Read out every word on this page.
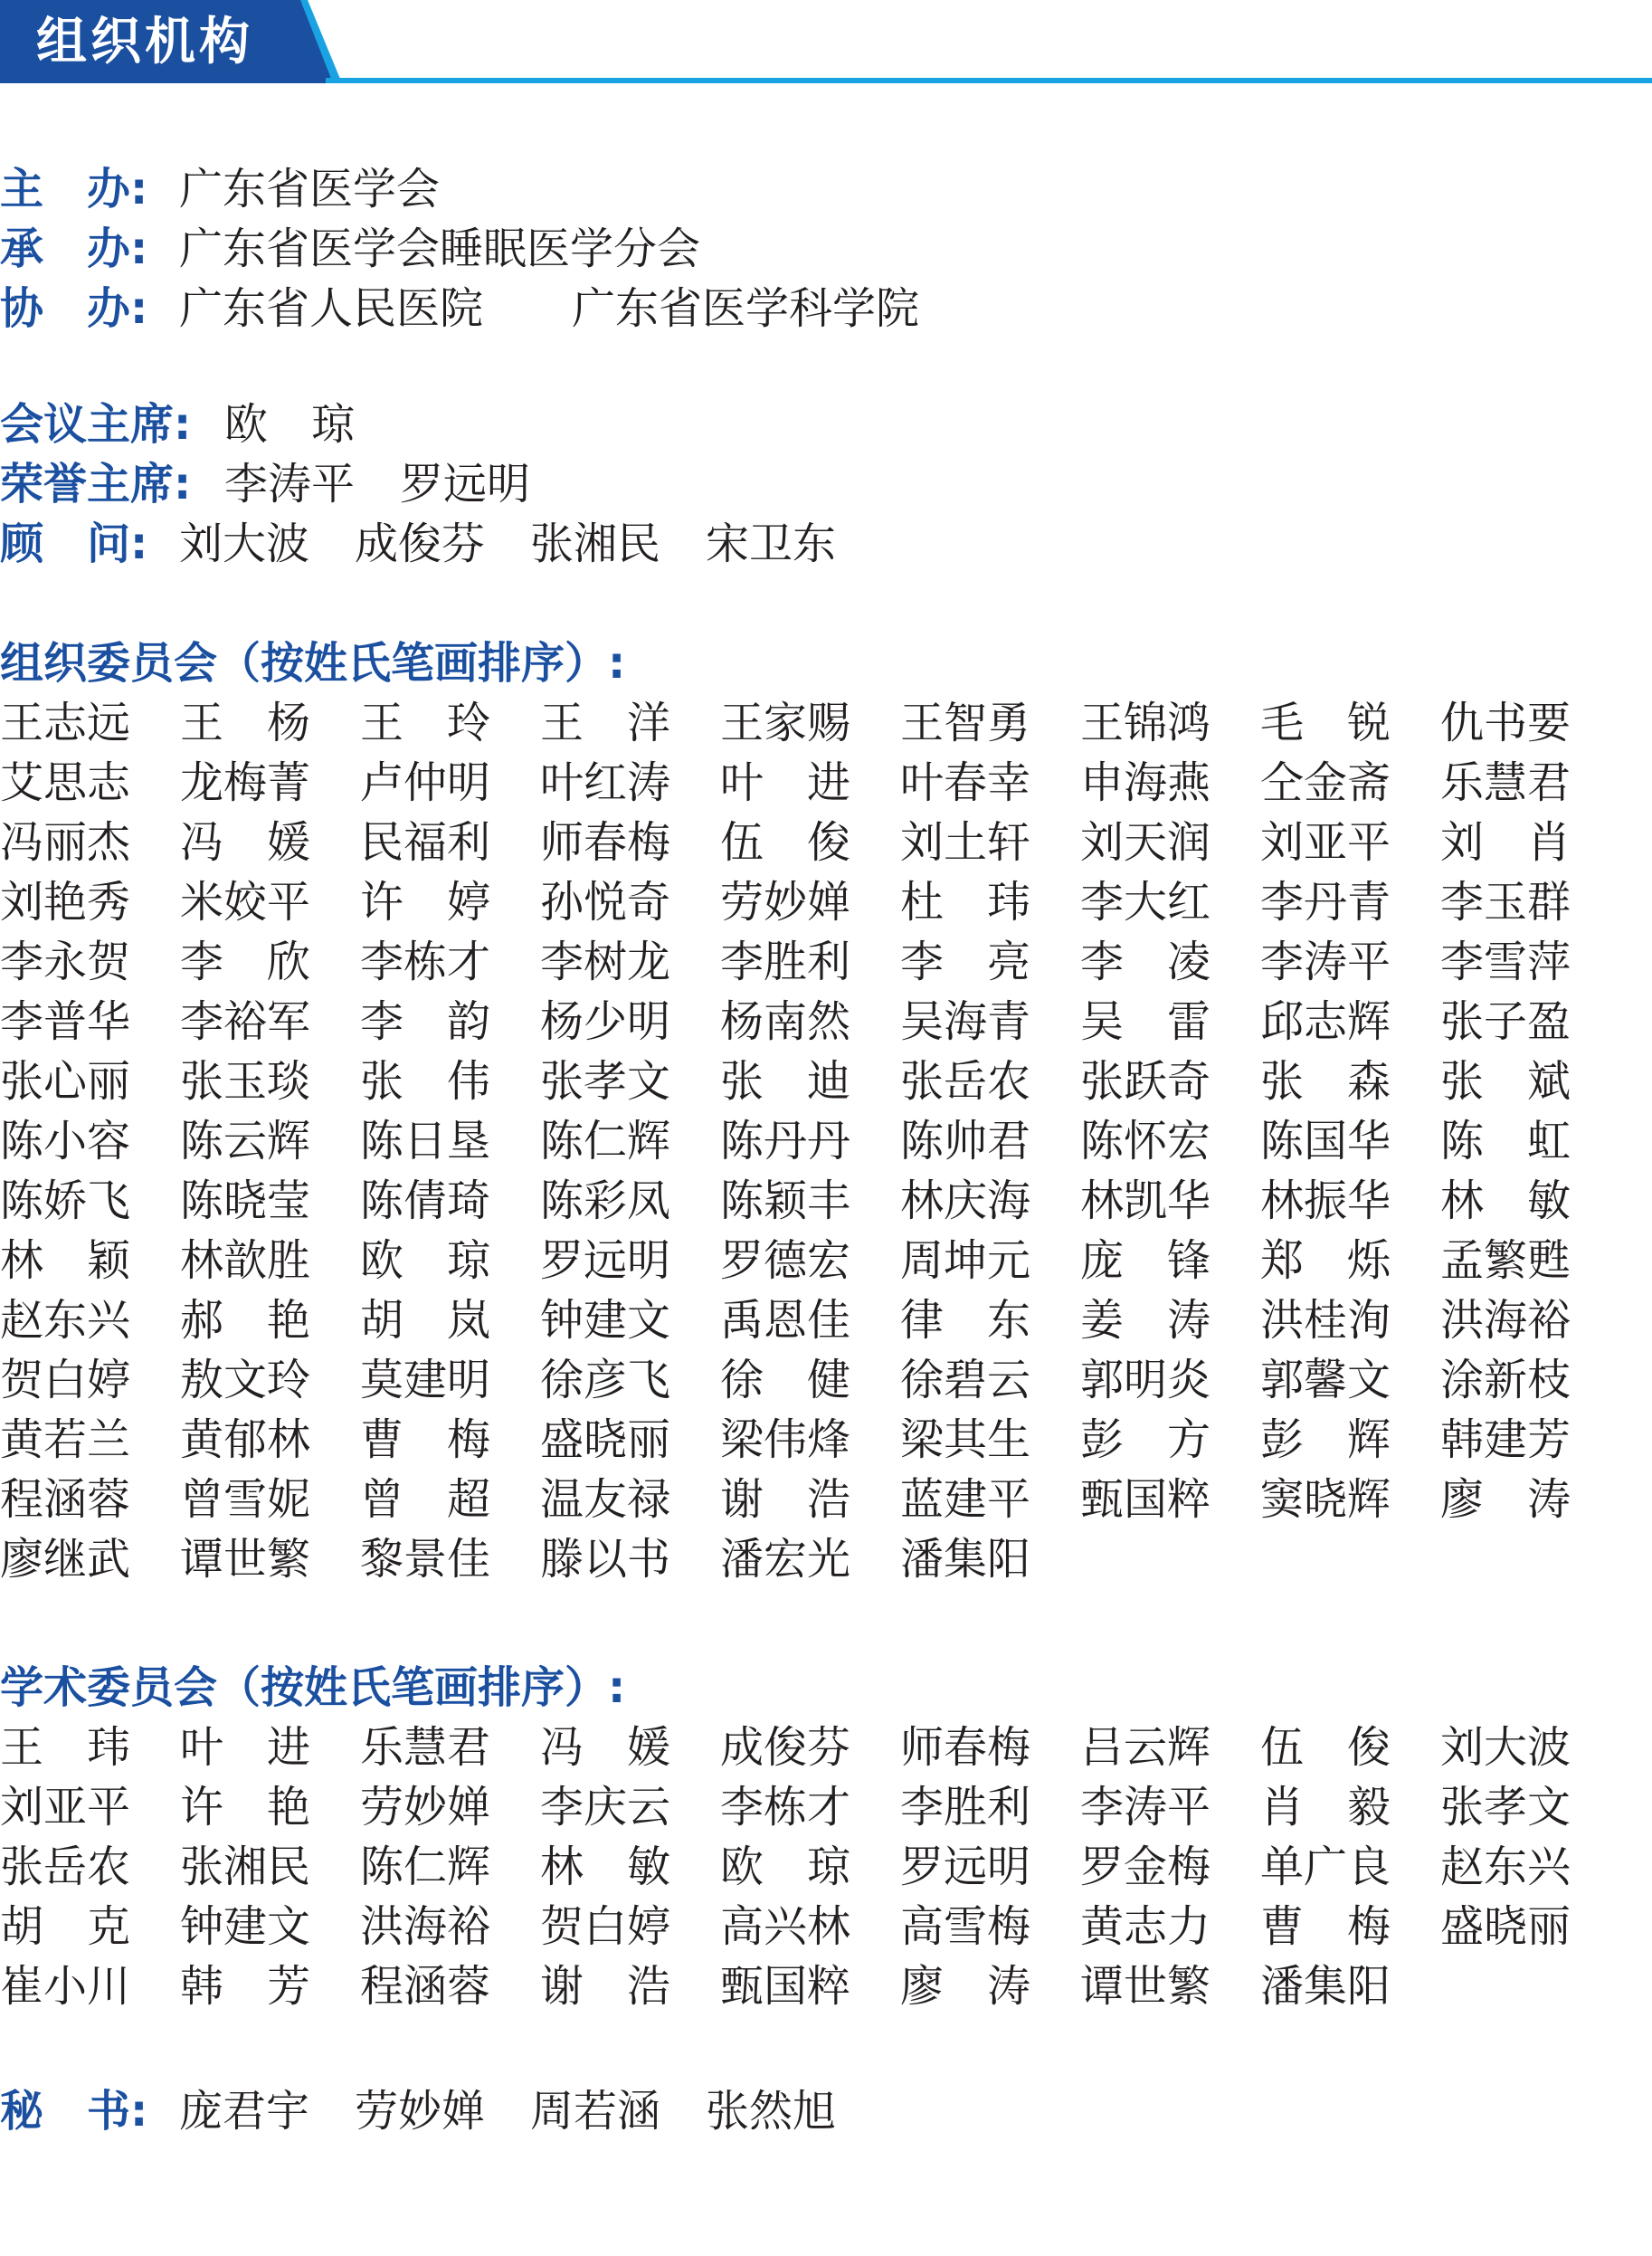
组织机构
主　办: 广东省医学会
承　办: 广东省医学会睡眠医学分会
协　办: 广东省人民医院　广东省医学科学院
会议主席: 欧　琼
荣誉主席: 李涛平 罗远明
顾　问: 刘大波 成俊芬 张湘民 宋卫东
组织委员会（按姓氏笔画排序）:
王志远	王　杨	王　玲	王　洋	王家赐	王智勇	王锦鸿	毛　锐	仇书要
艾思志	龙梅菁	卢仲明	叶红涛	叶　进	叶春幸	申海燕	仝金斋	乐慧君
冯丽杰	冯　媛	民福利	师春梅	伍　俊	刘土轩	刘天润	刘亚平	刘　肖
刘艳秀	米姣平	许　婷	孙悦奇	劳妙婵	杜　玮	李大红	李丹青	李玉群
李永贺	李　欣	李栋才	李树龙	李胜利	李　亮	李　凌	李涛平	李雪萍
李普华	李裕军	李　韵	杨少明	杨南然	吴海青	吴　雷	邱志辉	张子盈
张心丽	张玉琰	张　伟	张孝文	张　迪	张岳农	张跃奇	张　森	张　斌
陈小容	陈云辉	陈日垦	陈仁辉	陈丹丹	陈帅君	陈怀宏	陈国华	陈　虹
陈娇飞	陈晓莹	陈倩琦	陈彩凤	陈颖丰	林庆海	林凯华	林振华	林　敏
林　颖	林歆胜	欧　琼	罗远明	罗德宏	周坤元	庞　锋	郑　烁	孟繁甦
赵东兴	郝　艳	胡　岚	钟建文	禹恩佳	律　东	姜　涛	洪桂洵	洪海裕
贺白婷	敖文玲	莫建明	徐彦飞	徐　健	徐碧云	郭明炎	郭馨文	涂新枝
黄若兰	黄郁林	曹　梅	盛晓丽	梁伟烽	梁其生	彭　方	彭　辉	韩建芳
程涵蓉	曾雪妮	曾　超	温友禄	谢　浩	蓝建平	甄国粹	窦晓辉	廖　涛
廖继武	谭世繁	黎景佳	滕以书	潘宏光	潘集阳
学术委员会（按姓氏笔画排序）:
王　玮	叶　进	乐慧君	冯　媛	成俊芬	师春梅	吕云辉	伍　俊	刘大波
刘亚平	许　艳	劳妙婵	李庆云	李栋才	李胜利	李涛平	肖　毅	张孝文
张岳农	张湘民	陈仁辉	林　敏	欧　琼	罗远明	罗金梅	单广良	赵东兴
胡　克	钟建文	洪海裕	贺白婷	高兴林	高雪梅	黄志力	曹　梅	盛晓丽
崔小川	韩　芳	程涵蓉	谢　浩	甄国粹	廖　涛	谭世繁	潘集阳
秘　书: 庞君宇 劳妙婵 周若涵 张然旭
